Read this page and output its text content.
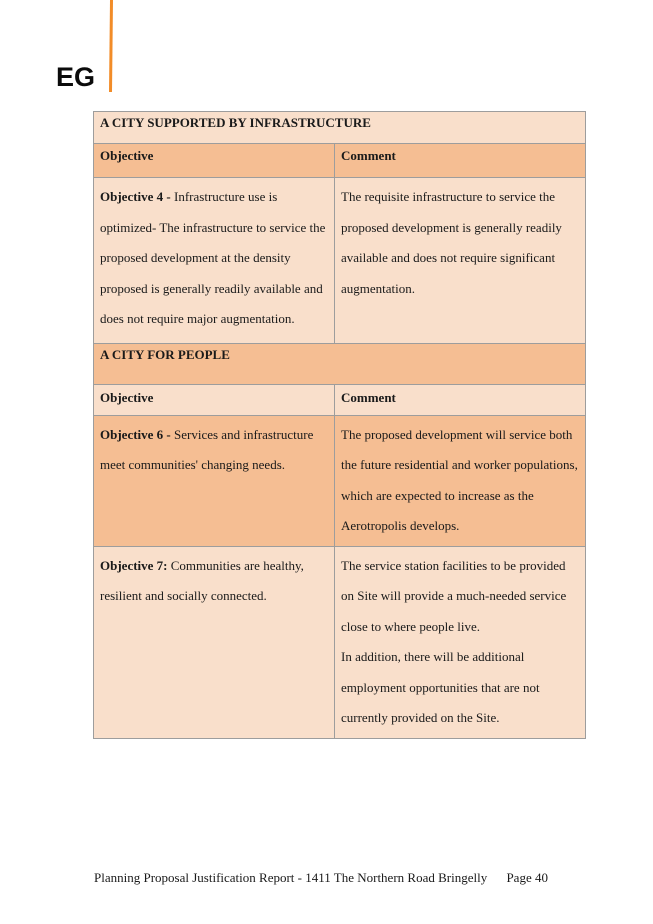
EG
A CITY SUPPORTED BY INFRASTRUCTURE	
Objective	Comment
Objective 4 - Infrastructure use is optimized- The infrastructure to service the proposed development at the density proposed is generally readily available and does not require major augmentation.	The requisite infrastructure to service the proposed development is generally readily available and does not require significant augmentation.
A CITY FOR PEOPLE	
Objective	Comment
Objective 6 - Services and infrastructure meet communities' changing needs.	The proposed development will service both the future residential and worker populations, which are expected to increase as the Aerotropolis develops.
Objective 7: Communities are healthy, resilient and socially connected.	The service station facilities to be provided on Site will provide a much-needed service close to where people live.
In addition, there will be additional employment opportunities that are not currently provided on the Site.
Planning Proposal Justification Report - 1411 The Northern Road Bringelly Page 40
